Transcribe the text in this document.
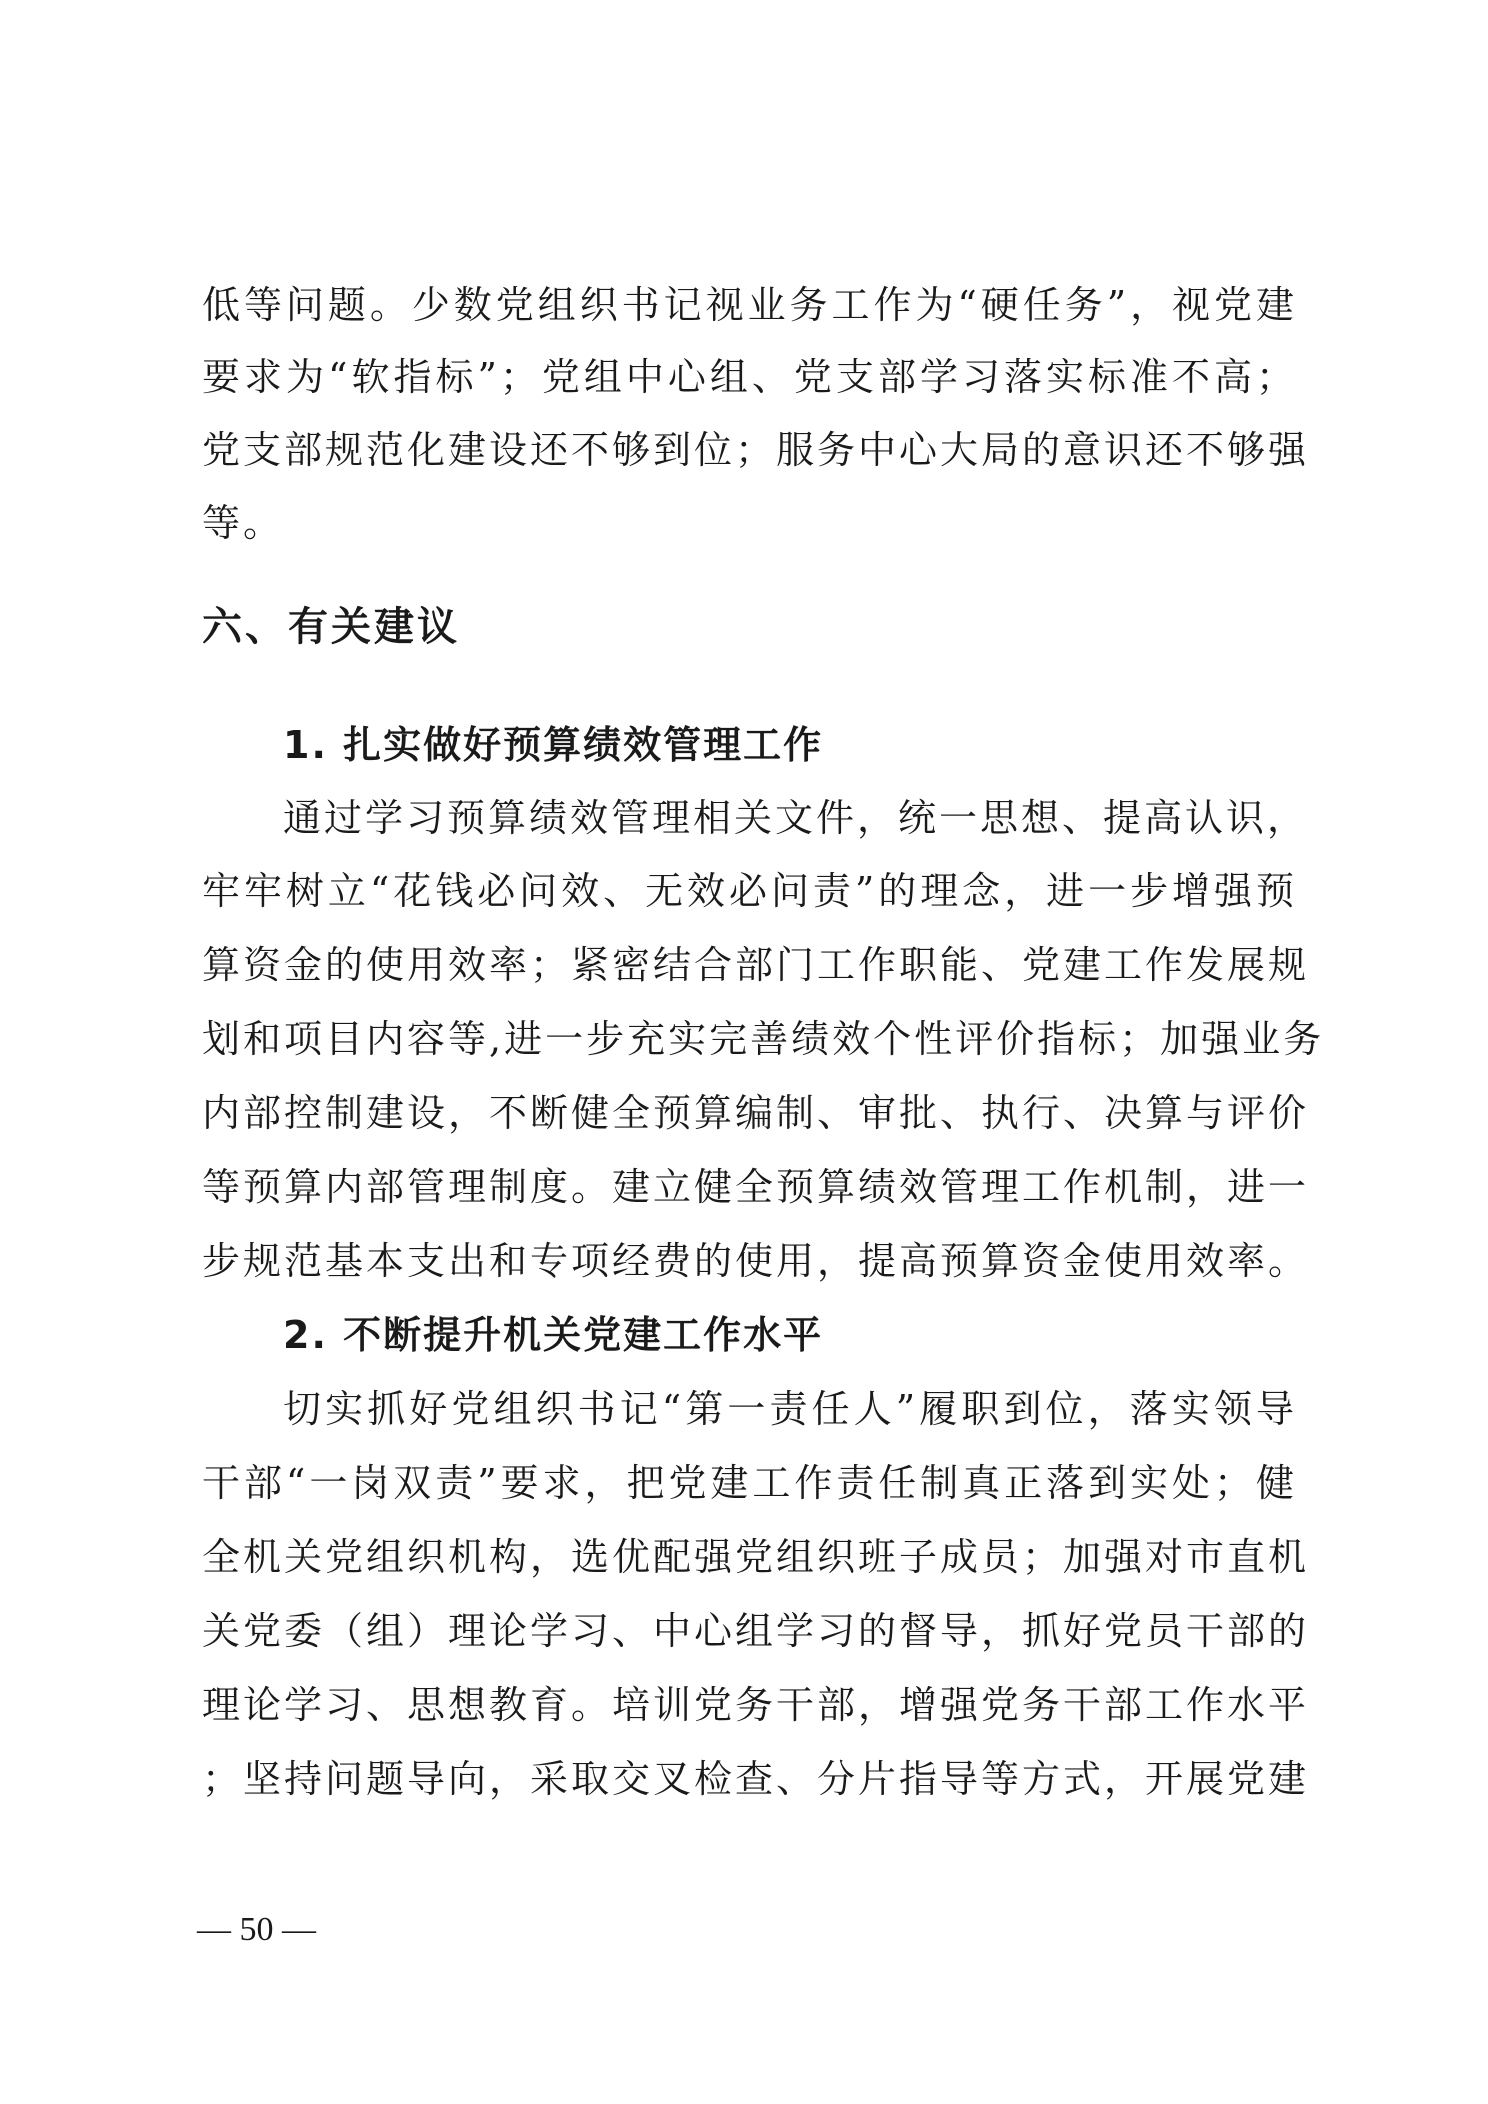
低等问题。少数党组织书记视业务工作为“硬任务”，视党建
要求为“软指标”；党组中心组、党支部学习落实标准不高；
党支部规范化建设还不够到位；服务中心大局的意识还不够强
等。
六、有关建议
1. 扎实做好预算绩效管理工作
通过学习预算绩效管理相关文件，统一思想、提高认识，
牢牢树立“花钱必问效、无效必问责”的理念，进一步增强预
算资金的使用效率；紧密结合部门工作职能、党建工作发展规
划和项目内容等,进一步充实完善绩效个性评价指标；加强业务
内部控制建设，不断健全预算编制、审批、执行、决算与评价
等预算内部管理制度。建立健全预算绩效管理工作机制，进一
步规范基本支出和专项经费的使用，提高预算资金使用效率。
2. 不断提升机关党建工作水平
切实抓好党组织书记“第一责任人”履职到位，落实领导
干部“一岗双责”要求，把党建工作责任制真正落到实处；健
全机关党组织机构，选优配强党组织班子成员；加强对市直机
关党委（组）理论学习、中心组学习的督导，抓好党员干部的
理论学习、思想教育。培训党务干部，增强党务干部工作水平
；坚持问题导向，采取交叉检查、分片指导等方式，开展党建
— 50 —
